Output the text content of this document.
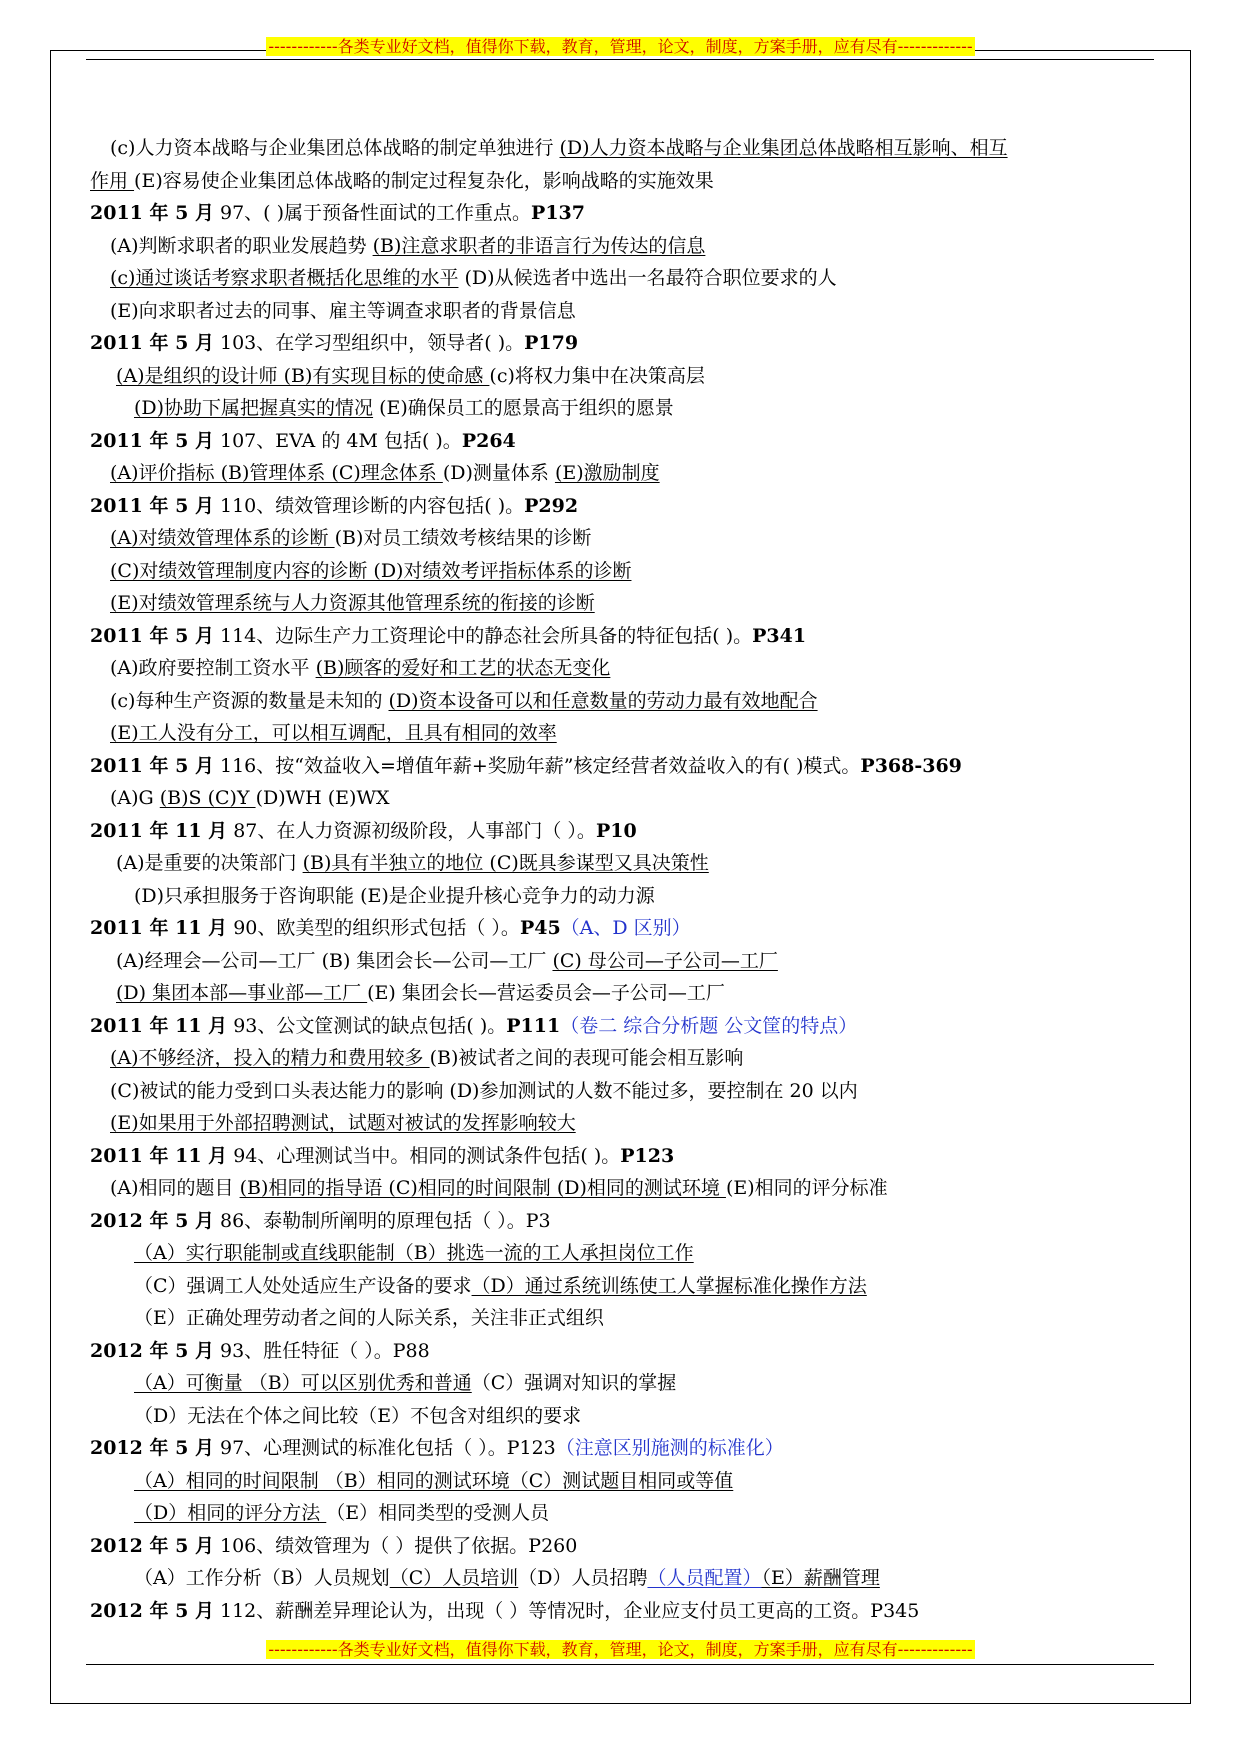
------------各类专业好文档，值得你下载，教育，管理，论文，制度，方案手册，应有尽有-------------
(c)人力资本战略与企业集团总体战略的制定单独进行 (D)人力资本战略与企业集团总体战略相互影响、相互
作用 (E)容易使企业集团总体战略的制定过程复杂化，影响战略的实施效果
2011 年 5 月 97、( )属于预备性面试的工作重点。P137
(A)判断求职者的职业发展趋势 (B)注意求职者的非语言行为传达的信息
(c)通过谈话考察求职者概括化思维的水平 (D)从候选者中选出一名最符合职位要求的人
(E)向求职者过去的同事、雇主等调查求职者的背景信息
2011 年 5 月 103、在学习型组织中，领导者( )。P179
(A)是组织的设计师 (B)有实现目标的使命感 (c)将权力集中在决策高层
(D)协助下属把握真实的情况 (E)确保员工的愿景高于组织的愿景
2011 年 5 月 107、EVA 的 4M 包括( )。P264
(A)评价指标 (B)管理体系 (C)理念体系 (D)测量体系 (E)激励制度
2011 年 5 月 110、绩效管理诊断的内容包括( )。P292
(A)对绩效管理体系的诊断 (B)对员工绩效考核结果的诊断
(C)对绩效管理制度内容的诊断 (D)对绩效考评指标体系的诊断
(E)对绩效管理系统与人力资源其他管理系统的衔接的诊断
2011 年 5 月 114、边际生产力工资理论中的静态社会所具备的特征包括( )。P341
(A)政府要控制工资水平 (B)顾客的爱好和工艺的状态无变化
(c)每种生产资源的数量是未知的 (D)资本设备可以和任意数量的劳动力最有效地配合
(E)工人没有分工，可以相互调配，且具有相同的效率
2011 年 5 月 116、按“效益收入=增值年薪+奖励年薪”核定经营者效益收入的有( )模式。P368-369
(A)G (B)S (C)Y (D)WH (E)WX
2011 年 11 月 87、在人力资源初级阶段，人事部门（ ）。P10
(A)是重要的决策部门 (B)具有半独立的地位 (C)既具参谋型又具决策性
(D)只承担服务于咨询职能 (E)是企业提升核心竞争力的动力源
2011 年 11 月 90、欧美型的组织形式包括（ ）。P45（A、D 区别）
(A)经理会—公司—工厂 (B) 集团会长—公司—工厂 (C) 母公司—子公司—工厂
(D) 集团本部—事业部—工厂 (E) 集团会长—营运委员会—子公司—工厂
2011 年 11 月 93、公文筐测试的缺点包括( )。P111（卷二 综合分析题 公文筐的特点）
(A)不够经济，投入的精力和费用较多 (B)被试者之间的表现可能会相互影响
(C)被试的能力受到口头表达能力的影响 (D)参加测试的人数不能过多，要控制在 20 以内
(E)如果用于外部招聘测试，试题对被试的发挥影响较大
2011 年 11 月 94、心理测试当中。相同的测试条件包括( )。P123
(A)相同的题目 (B)相同的指导语 (C)相同的时间限制 (D)相同的测试环境 (E)相同的评分标准
2012 年 5 月 86、泰勒制所阐明的原理包括（ ）。P3
（A）实行职能制或直线职能制（B）挑选一流的工人承担岗位工作
（C）强调工人处处适应生产设备的要求（D）通过系统训练使工人掌握标准化操作方法
（E）正确处理劳动者之间的人际关系，关注非正式组织
2012 年 5 月 93、胜任特征（ ）。P88
（A）可衡量 （B）可以区别优秀和普通（C）强调对知识的掌握
（D）无法在个体之间比较（E）不包含对组织的要求
2012 年 5 月 97、心理测试的标准化包括（ ）。P123（注意区别施测的标准化）
（A）相同的时间限制 （B）相同的测试环境（C）测试题目相同或等值
（D）相同的评分方法 （E）相同类型的受测人员
2012 年 5 月 106、绩效管理为（ ）提供了依据。P260
（A）工作分析（B）人员规划（C）人员培训（D）人员招聘（人员配置）（E）薪酬管理
2012 年 5 月 112、薪酬差异理论认为，出现（ ）等情况时，企业应支付员工更高的工资。P345
------------各类专业好文档，值得你下载，教育，管理，论文，制度，方案手册，应有尽有-------------
